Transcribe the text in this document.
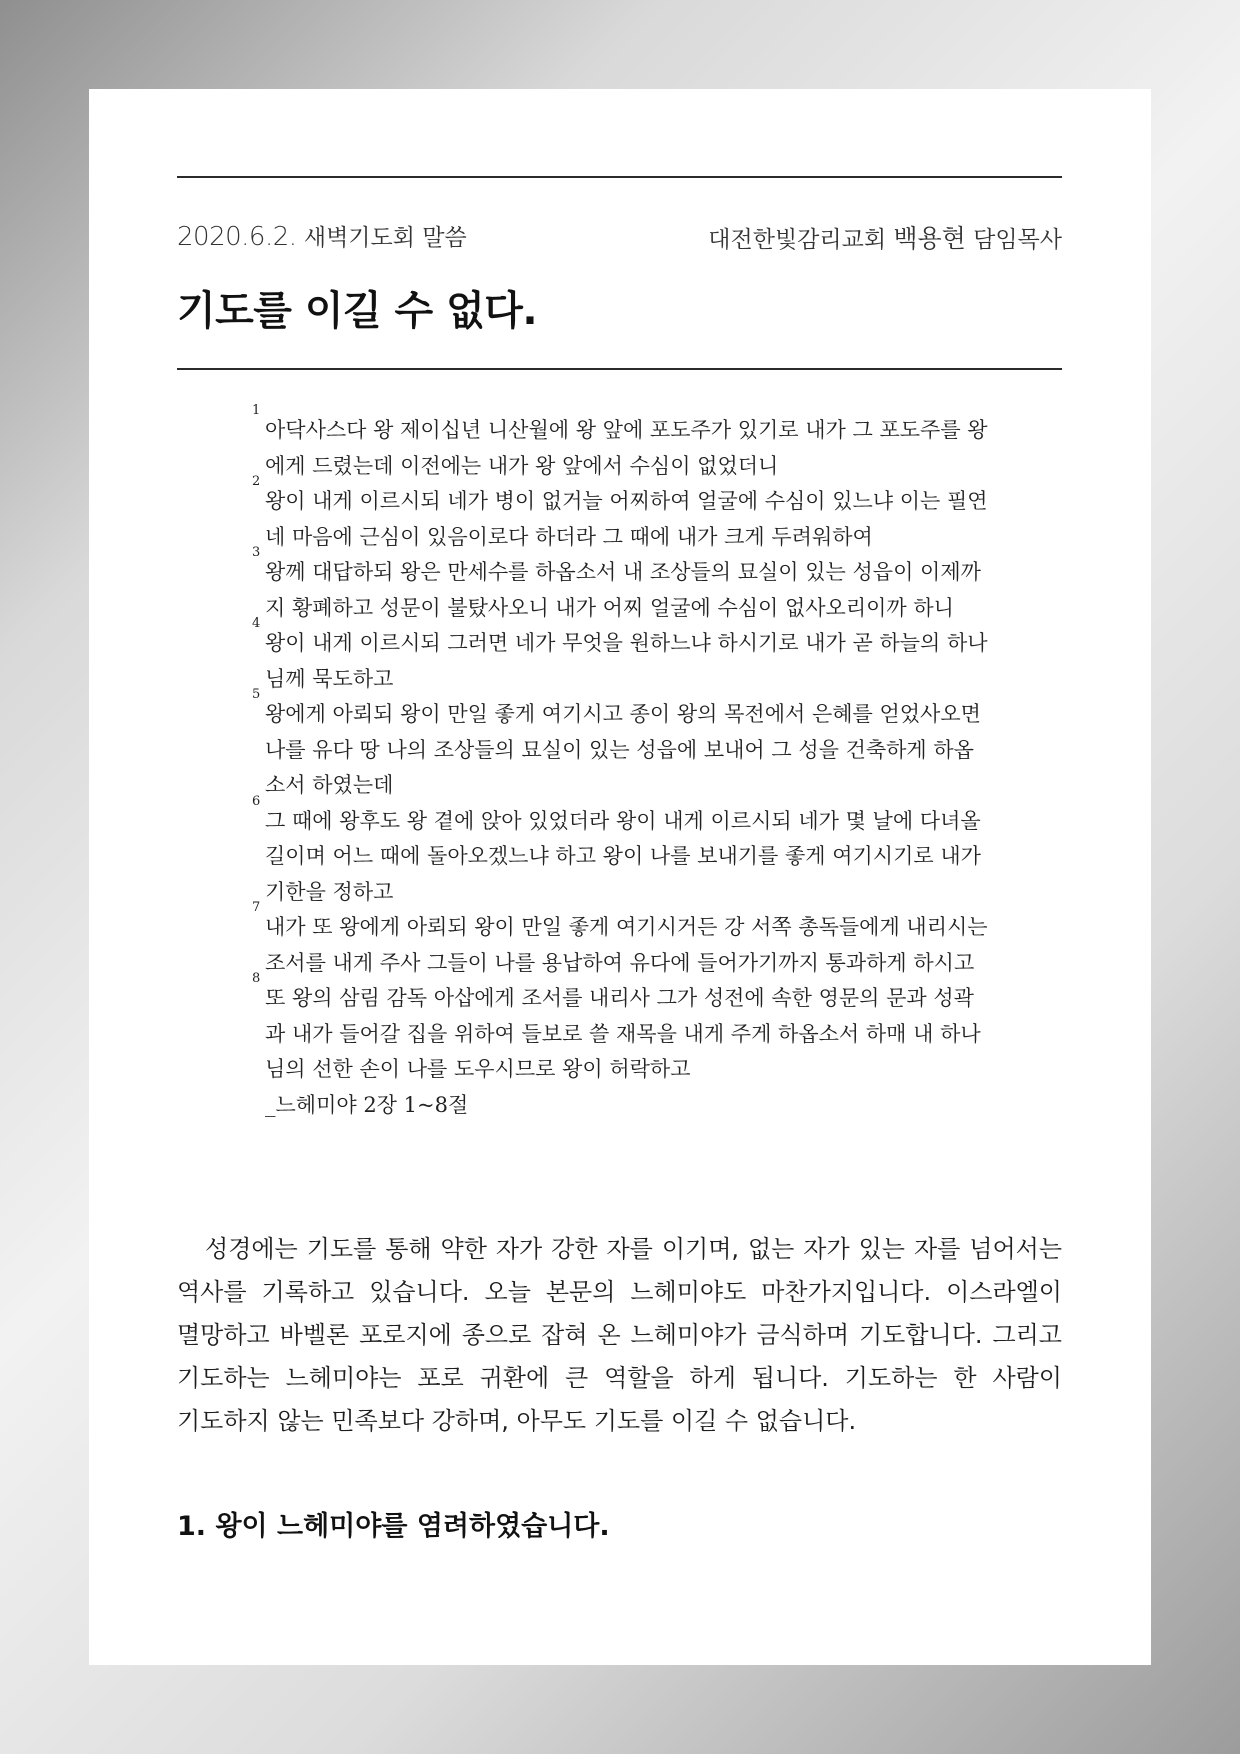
2020.6.2. 새벽기도회 말씀	대전한빛감리교회 백용현 담임목사
기도를 이길 수 없다.

1
아닥사스다 왕 제이십년 니산월에 왕 앞에 포도주가 있기로 내가 그 포도주를 왕에게 드렸는데 이전에는 내가 왕 앞에서 수심이 없었더니

2
왕이 내게 이르시되 네가 병이 없거늘 어찌하여 얼굴에 수심이 있느냐 이는 필연 네 마음에 근심이 있음이로다 하더라 그 때에 내가 크게 두려워하여

3
왕께 대답하되 왕은 만세수를 하옵소서 내 조상들의 묘실이 있는 성읍이 이제까지 황폐하고 성문이 불탔사오니 내가 어찌 얼굴에 수심이 없사오리이까 하니

4
왕이 내게 이르시되 그러면 네가 무엇을 원하느냐 하시기로 내가 곧 하늘의 하나님께 묵도하고

5
왕에게 아뢰되 왕이 만일 좋게 여기시고 종이 왕의 목전에서 은혜를 얻었사오면 나를 유다 땅 나의 조상들의 묘실이 있는 성읍에 보내어 그 성을 건축하게 하옵소서 하였는데

6
그 때에 왕후도 왕 곁에 앉아 있었더라 왕이 내게 이르시되 네가 몇 날에 다녀올 길이며 어느 때에 돌아오겠느냐 하고 왕이 나를 보내기를 좋게 여기시기로 내가 기한을 정하고

7
내가 또 왕에게 아뢰되 왕이 만일 좋게 여기시거든 강 서쪽 총독들에게 내리시는 조서를 내게 주사 그들이 나를 용납하여 유다에 들어가기까지 통과하게 하시고

8
또 왕의 삼림 감독 아삽에게 조서를 내리사 그가 성전에 속한 영문의 문과 성곽과 내가 들어갈 집을 위하여 들보로 쓸 재목을 내게 주게 하옵소서 하매 내 하나님의 선한 손이 나를 도우시므로 왕이 허락하고

_느헤미야 2장 1~8절

성경에는 기도를 통해 약한 자가 강한 자를 이기며, 없는 자가 있는 자를 넘어서는 역사를 기록하고 있습니다. 오늘 본문의 느헤미야도 마찬가지입니다. 이스라엘이 멸망하고 바벨론 포로지에 종으로 잡혀 온 느헤미야가 금식하며 기도합니다. 그리고 기도하는 느헤미야는 포로 귀환에 큰 역할을 하게 됩니다. 기도하는 한 사람이 기도하지 않는 민족보다 강하며, 아무도 기도를 이길 수 없습니다.

1. 왕이 느헤미야를 염려하였습니다.
